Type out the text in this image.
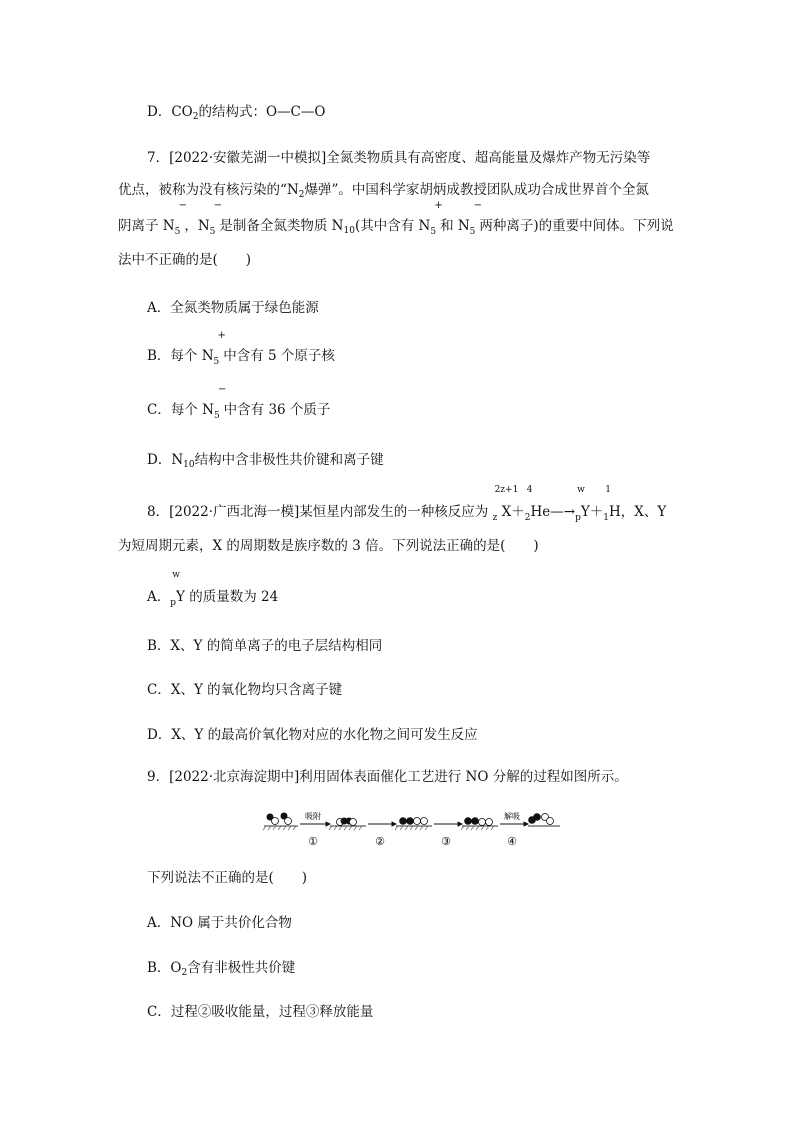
D．$CO_2$的结构式：O—C—O
7．[2022·安徽芜湖一中模拟]全氮类物质具有高密度、超高能量及爆炸产物无污染等
优点，被称为没有核污染的“$N_2$爆弹”。中国科学家胡炳成教授团队成功合成世界首个全氮
阴离子 N
−
$_5$ ，N
−
$_5$ 是制备全氮类物质 $N_{10}$(其中含有 N
+
$_5$ 和 N
−
$_5$ 两种离子)的重要中间体。下列说
法中不正确的是( )
A．全氮类物质属于绿色能源
B．每个 N
+
$_5$ 中含有 5 个原子核
C．每个 N
−
$_5$ 中含有 36 个质子
D．$N_{10}$结构中含非极性共价键和离子键
8．[2022·广西北海一模]某恒星内部发生的一种核反应为
2z+1
$_z$ X＋
4
$_2$He—→
w
$_p$Y＋
1
$_1$H，X、Y
为短周期元素，X 的周期数是族序数的 3 倍。下列说法正确的是( )
A．
w
$_p$Y 的质量数为 24
B．X、Y 的简单离子的电子层结构相同
C．X、Y 的氧化物均只含离子键
D．X、Y 的最高价氧化物对应的水化物之间可发生反应
9．[2022·北京海淀期中]利用固体表面催化工艺进行 NO 分解的过程如图所示。
吸附	解吸
①	②	③	④
下列说法不正确的是( )
A．NO 属于共价化合物
B．$O_2$含有非极性共价键
C．过程②吸收能量，过程③释放能量
